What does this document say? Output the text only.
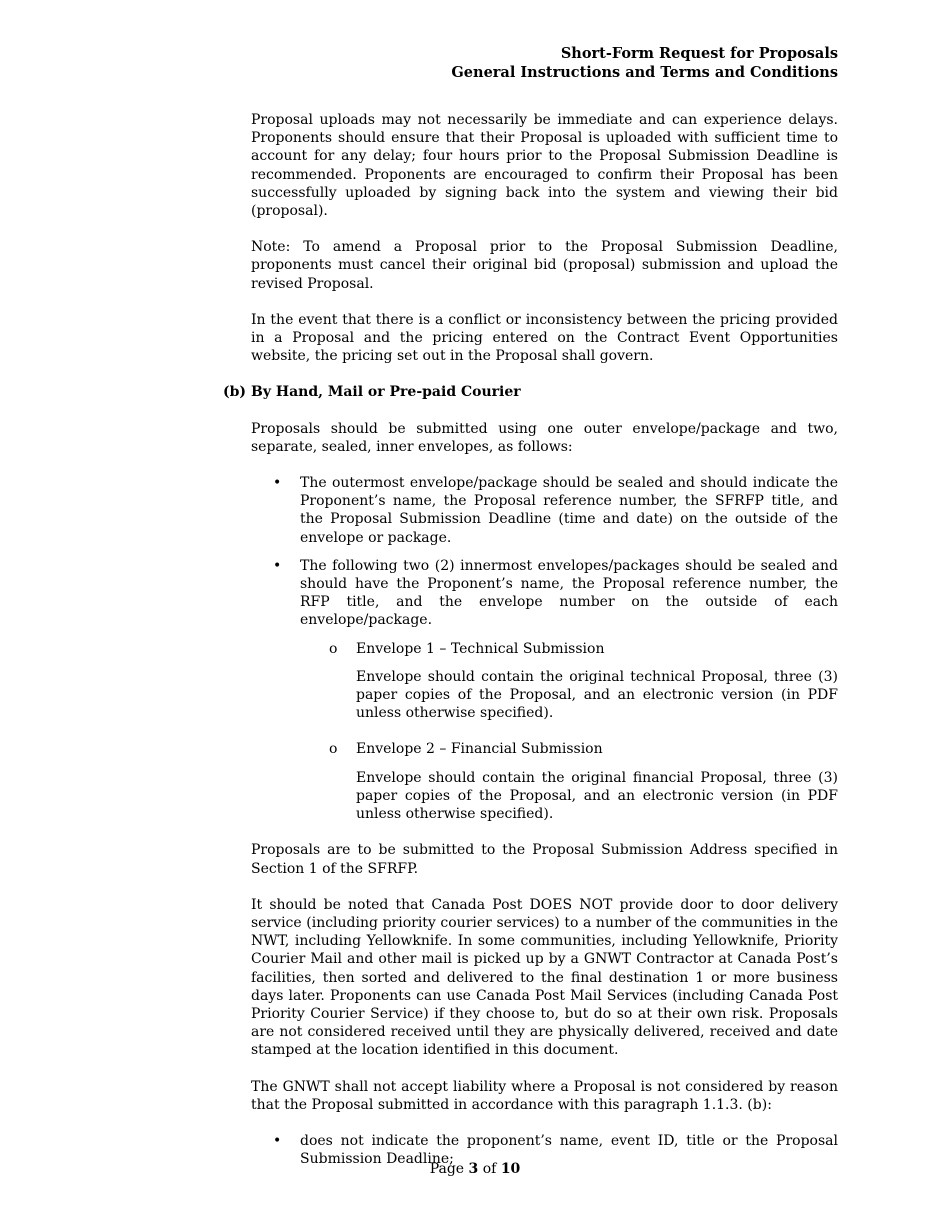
Short-Form Request for Proposals
General Instructions and Terms and Conditions

Proposal uploads may not necessarily be immediate and can experience delays. Proponents should ensure that their Proposal is uploaded with sufficient time to account for any delay; four hours prior to the Proposal Submission Deadline is recommended. Proponents are encouraged to confirm their Proposal has been successfully uploaded by signing back into the system and viewing their bid (proposal).

Note: To amend a Proposal prior to the Proposal Submission Deadline, proponents must cancel their original bid (proposal) submission and upload the revised Proposal.

In the event that there is a conflict or inconsistency between the pricing provided in a Proposal and the pricing entered on the Contract Event Opportunities website, the pricing set out in the Proposal shall govern.

(b) By Hand, Mail or Pre-paid Courier

Proposals should be submitted using one outer envelope/package and two, separate, sealed, inner envelopes, as follows:

• The outermost envelope/package should be sealed and should indicate the Proponent’s name, the Proposal reference number, the SFRFP title, and the Proposal Submission Deadline (time and date) on the outside of the envelope or package.
• The following two (2) innermost envelopes/packages should be sealed and should have the Proponent’s name, the Proposal reference number, the RFP title, and the envelope number on the outside of each envelope/package.
o Envelope 1 – Technical Submission

Envelope should contain the original technical Proposal, three (3) paper copies of the Proposal, and an electronic version (in PDF unless otherwise specified).

o Envelope 2 – Financial Submission

Envelope should contain the original financial Proposal, three (3) paper copies of the Proposal, and an electronic version (in PDF unless otherwise specified).

Proposals are to be submitted to the Proposal Submission Address specified in Section 1 of the SFRFP.

It should be noted that Canada Post DOES NOT provide door to door delivery service (including priority courier services) to a number of the communities in the NWT, including Yellowknife. In some communities, including Yellowknife, Priority Courier Mail and other mail is picked up by a GNWT Contractor at Canada Post’s facilities, then sorted and delivered to the final destination 1 or more business days later. Proponents can use Canada Post Mail Services (including Canada Post Priority Courier Service) if they choose to, but do so at their own risk. Proposals are not considered received until they are physically delivered, received and date stamped at the location identified in this document.

The GNWT shall not accept liability where a Proposal is not considered by reason that the Proposal submitted in accordance with this paragraph 1.1.3. (b):

• does not indicate the proponent’s name, event ID, title or the Proposal Submission Deadline;
Page 3 of 10
